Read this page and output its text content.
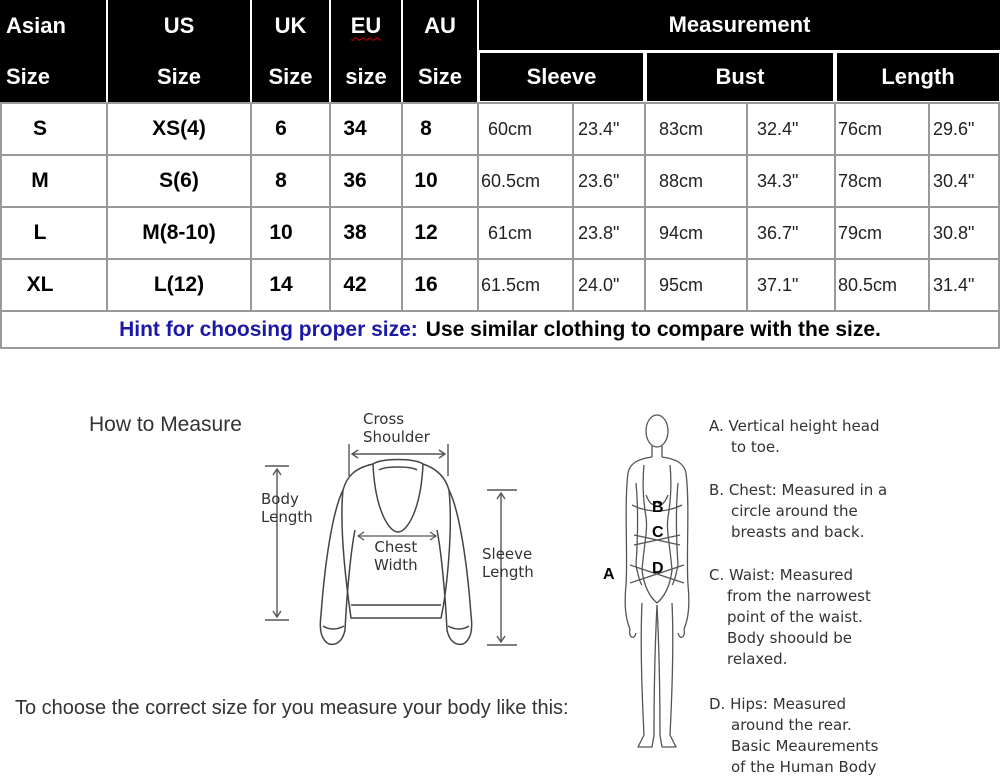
Asian
Size
US
Size
UK
Size
EU
size
AU
Size
Measurement
Sleeve	Bust	Length
S	XS(4)	6	34	8	60cm	23.4"	83cm	32.4"	76cm	29.6"
M	S(6)	8	36	10	60.5cm	23.6"	88cm	34.3"	78cm	30.4"
L	M(8-10)	10	38	12	61cm	23.8"	94cm	36.7"	79cm	30.8"
XL	L(12)	14	42	16	61.5cm	24.0"	95cm	37.1"	80.5cm	31.4"
Hint for choosing proper size: Use similar clothing to compare with the size.
How to Measure
To choose the correct size for you measure your body like this:
Cross
Shoulder
Body
Length
Chest
Width
Sleeve
Length	A
B
C
D
A. Vertical height head
to toe.
B. Chest: Measured in a
circle around the
breasts and back.
C. Waist: Measured
from the narrowest
point of the waist.
Body shoould be
relaxed.
D. Hips: Measured
around the rear.
Basic Meaurements
of the Human Body
